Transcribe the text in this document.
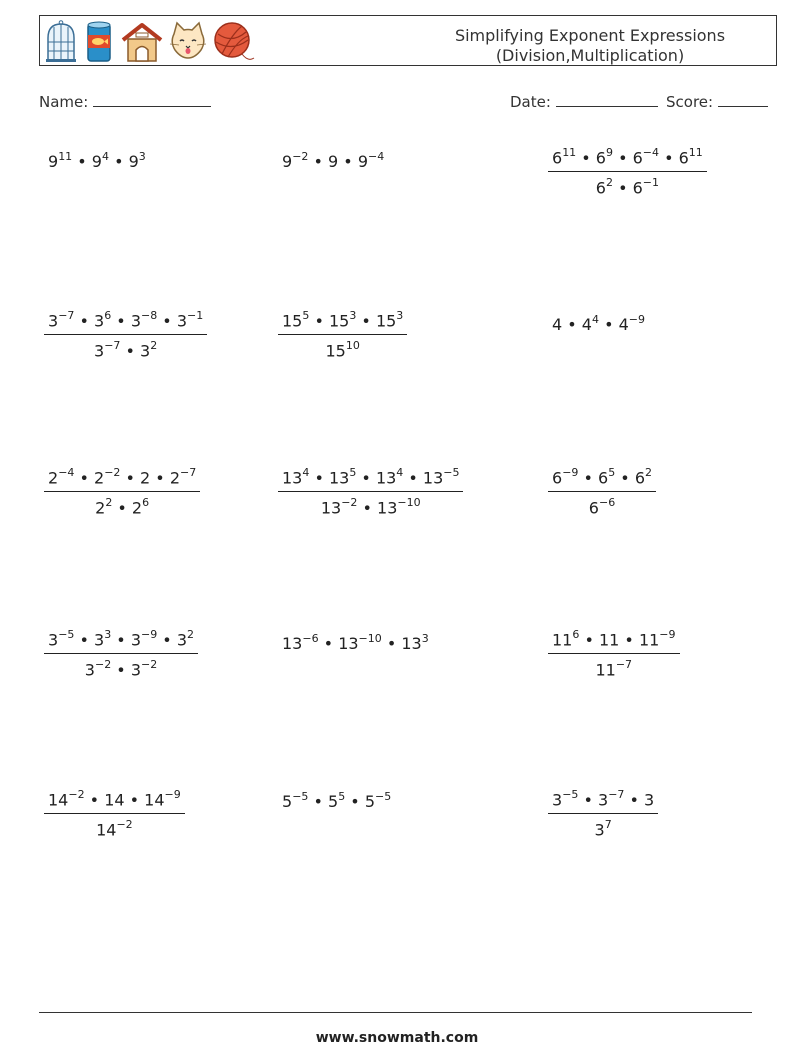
Simplifying Exponent Expressions
(Division,Multiplication)
Name:	Date:	Score:
$9^{11}$ • $9^4$ • $9^3$	$9^{-2}$ • 9 • $9^{-4}$	$\frac{6^{11} • 6^9 • 6^{-4} • 6^{11}}{6^2 • 6^{-1}}$
$\frac{3^{-7} • 3^6 • 3^{-8} • 3^{-1}}{3^{-7} • 3^2}$	$\frac{15^5 • 15^3 • 15^3}{15^{10}}$	4 • $4^4$ • $4^{-9}$
$\frac{2^{-4} • 2^{-2} • 2 • 2^{-7}}{2^2 • 2^6}$	$\frac{13^4 • 13^5 • 13^4 • 13^{-5}}{13^{-2} • 13^{-10}}$	$\frac{6^{-9} • 6^5 • 6^2}{6^{-6}}$
$\frac{3^{-5} • 3^3 • 3^{-9} • 3^2}{3^{-2} • 3^{-2}}$	$13^{-6}$ • $13^{-10}$ • $13^3$	$\frac{11^6 • 11 • 11^{-9}}{11^{-7}}$
$\frac{14^{-2} • 14 • 14^{-9}}{14^{-2}}$	$5^{-5}$ • $5^5$ • $5^{-5}$	$\frac{3^{-5} • 3^{-7} • 3}{3^7}$
www.snowmath.com
